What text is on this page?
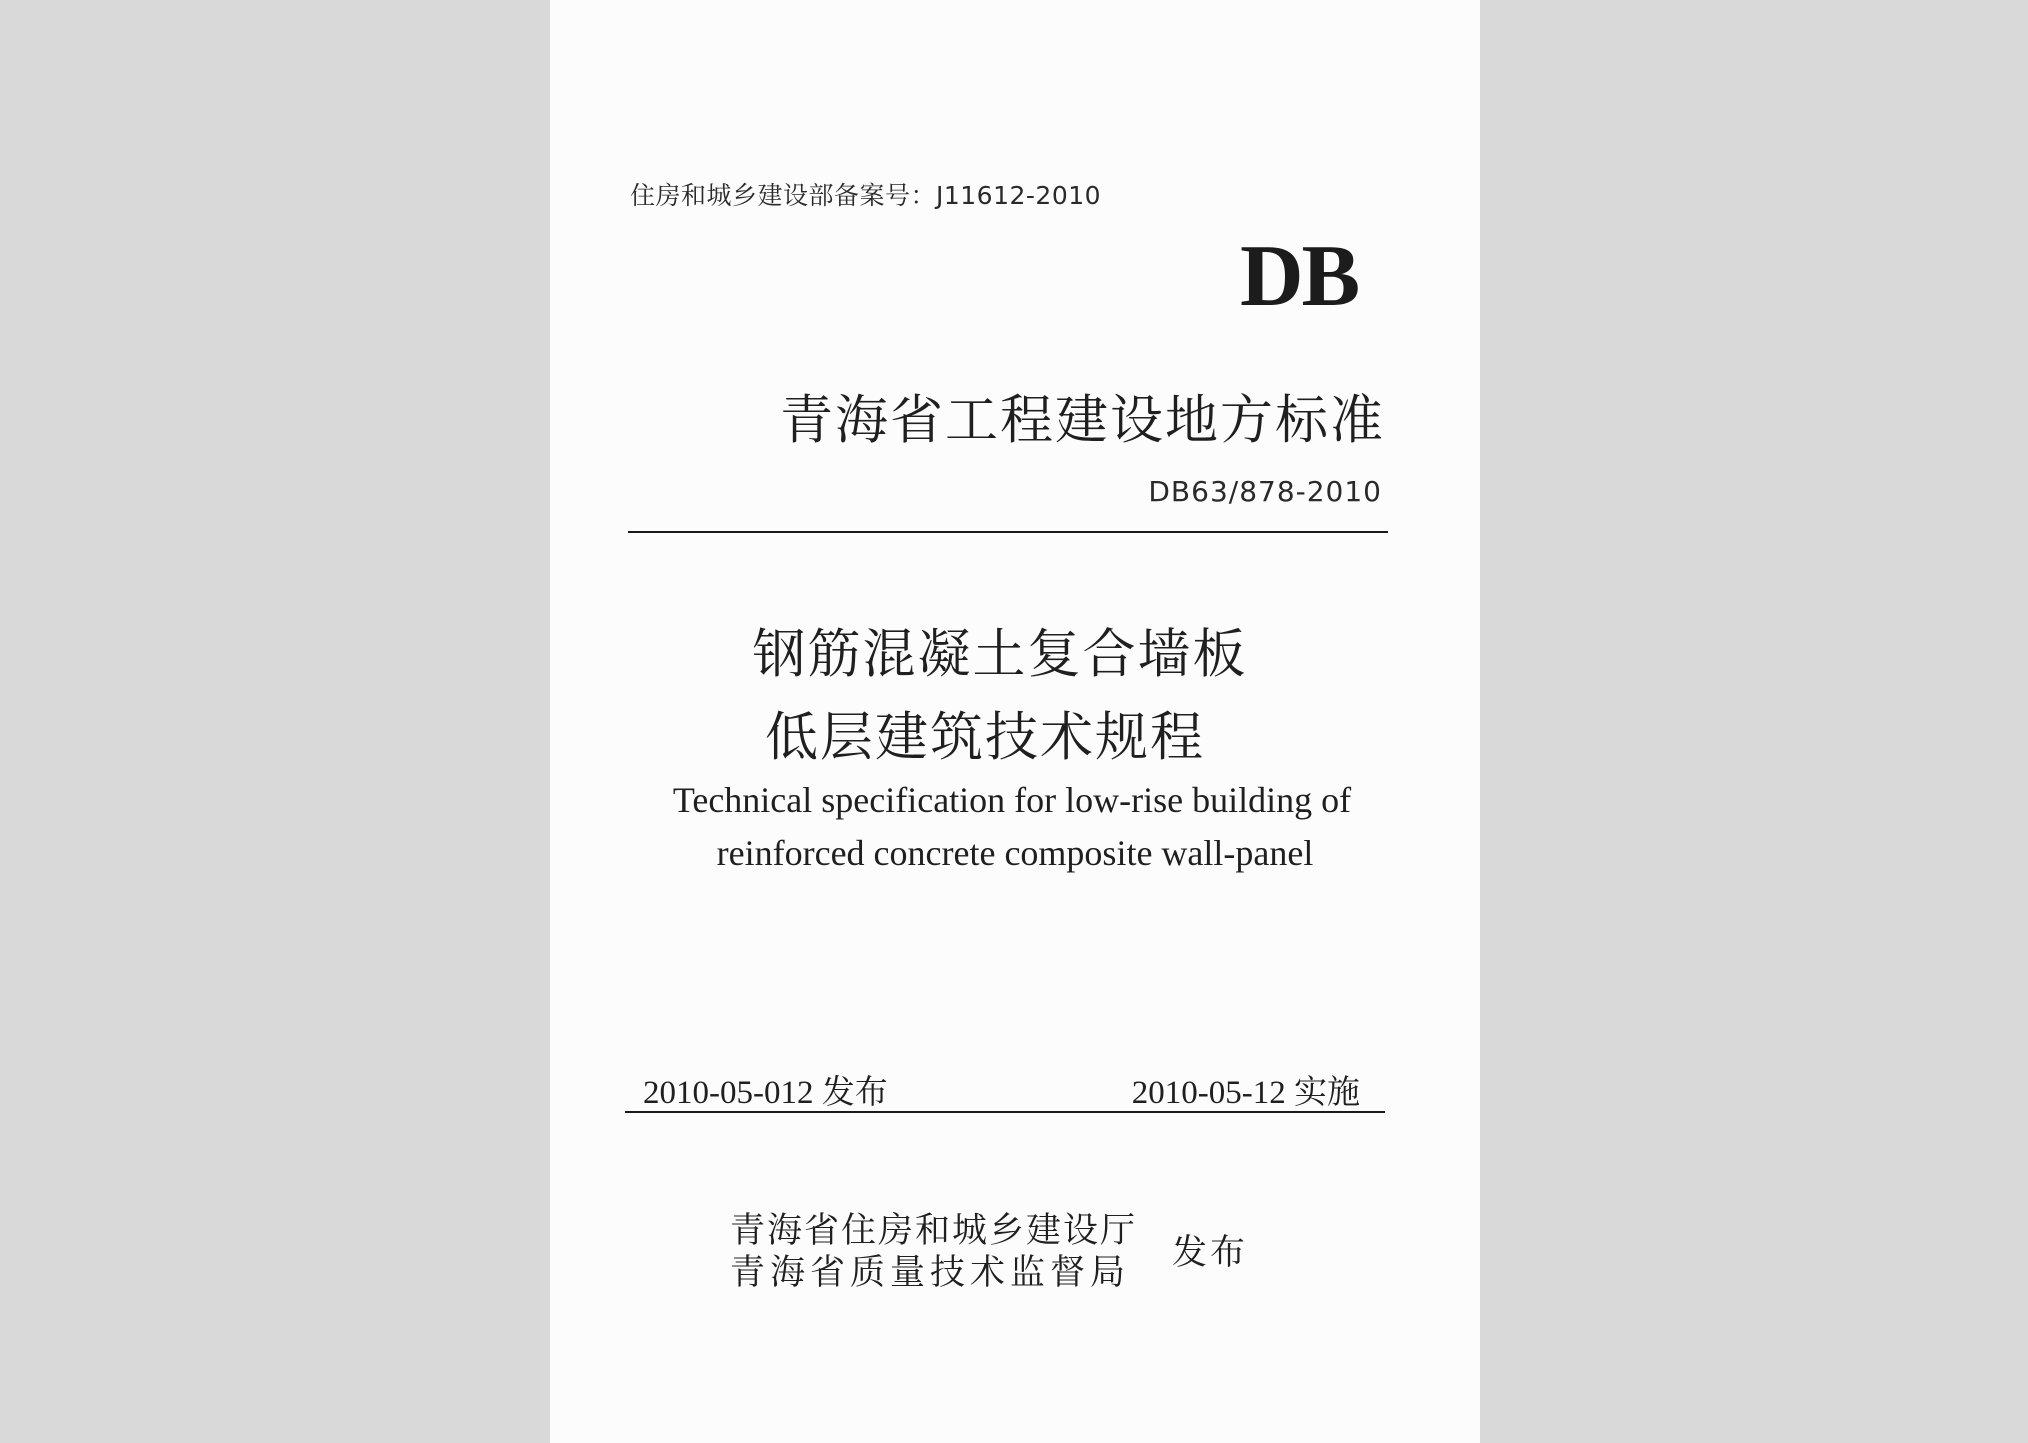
住房和城乡建设部备案号：J11612-2010
DB
青海省工程建设地方标准
DB63/878-2010
钢筋混凝土复合墙板
低层建筑技术规程
Technical specification for low-rise building of
reinforced concrete composite wall-panel
2010-05-012 发布	2010-05-12 实施
青海省住房和城乡建设厅
青海省质量技术监督局 发布
